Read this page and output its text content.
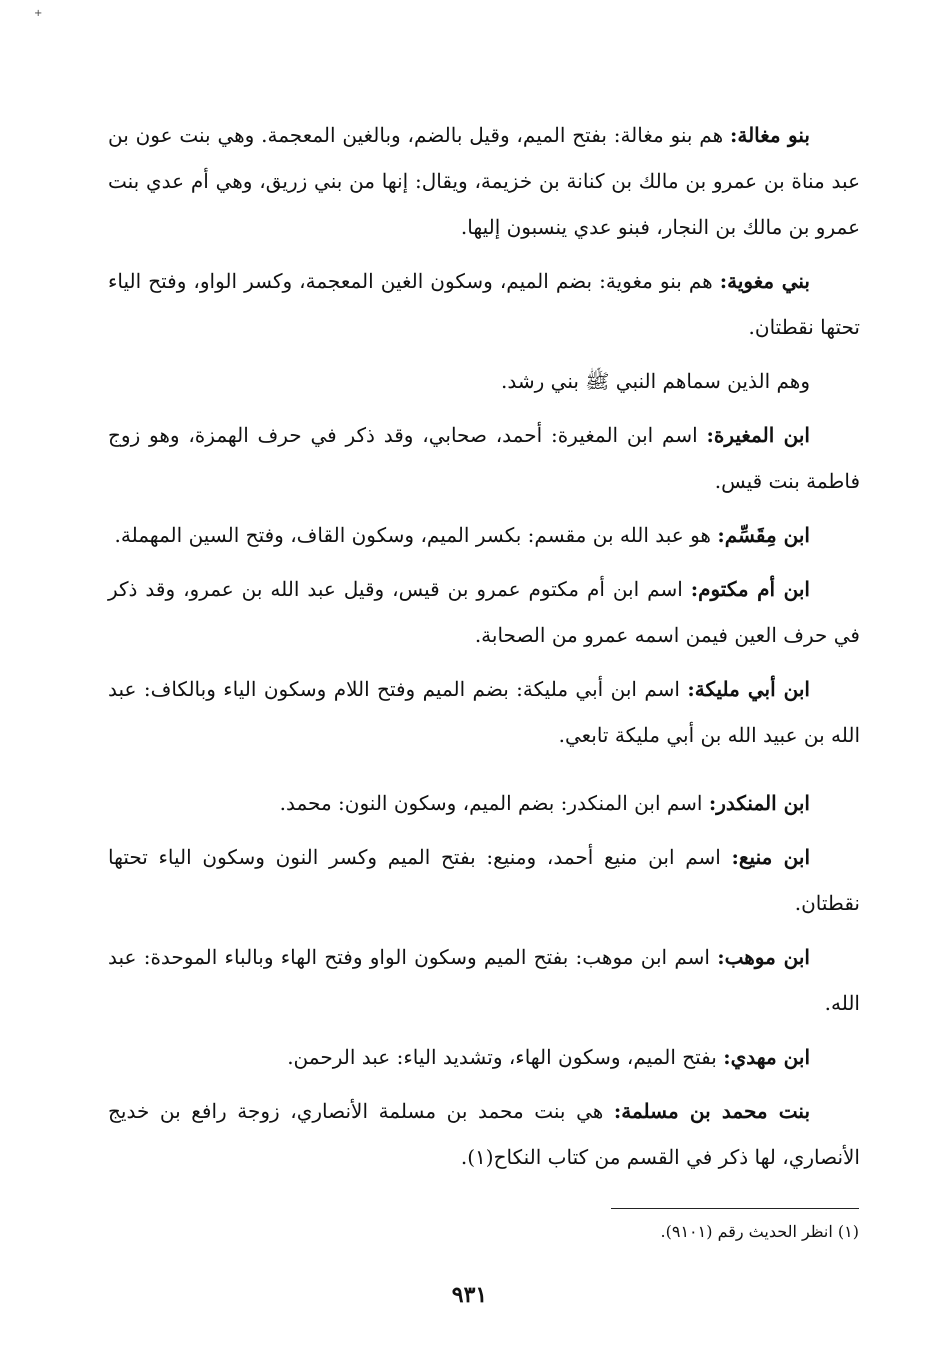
+

بنو مغالة: هم بنو مغالة: بفتح الميم، وقيل بالضم، وبالغين المعجمة. وهي بنت عون بن عبد مناة بن عمرو بن مالك بن كنانة بن خزيمة، ويقال: إنها من بني زريق، وهي أم عدي بنت عمرو بن مالك بن النجار، فبنو عدي ينسبون إليها.

بني مغوية: هم بنو مغوية: بضم الميم، وسكون الغين المعجمة، وكسر الواو، وفتح الياء تحتها نقطتان.

وهم الذين سماهم النبي ﷺ بني رشد.

ابن المغيرة: اسم ابن المغيرة: أحمد، صحابي، وقد ذكر في حرف الهمزة، وهو زوج فاطمة بنت قيس.

ابن مِقَسِّم: هو عبد الله بن مقسم: بكسر الميم، وسكون القاف، وفتح السين المهملة.

ابن أم مكتوم: اسم ابن أم مكتوم عمرو بن قيس، وقيل عبد الله بن عمرو، وقد ذكر في حرف العين فيمن اسمه عمرو من الصحابة.

ابن أبي مليكة: اسم ابن أبي مليكة: بضم الميم وفتح اللام وسكون الياء وبالكاف: عبد الله بن عبيد الله بن أبي مليكة تابعي.

ابن المنكدر: اسم ابن المنكدر: بضم الميم، وسكون النون: محمد.

ابن منيع: اسم ابن منيع أحمد، ومنيع: بفتح الميم وكسر النون وسكون الياء تحتها نقطتان.

ابن موهب: اسم ابن موهب: بفتح الميم وسكون الواو وفتح الهاء وبالباء الموحدة: عبد الله.

ابن مهدي: بفتح الميم، وسكون الهاء، وتشديد الياء: عبد الرحمن.

بنت محمد بن مسلمة: هي بنت محمد بن مسلمة الأنصاري، زوجة رافع بن خديج الأنصاري، لها ذكر في القسم من كتاب النكاح(١).

(١) انظر الحديث رقم (٩١٠١).
٩٣١
